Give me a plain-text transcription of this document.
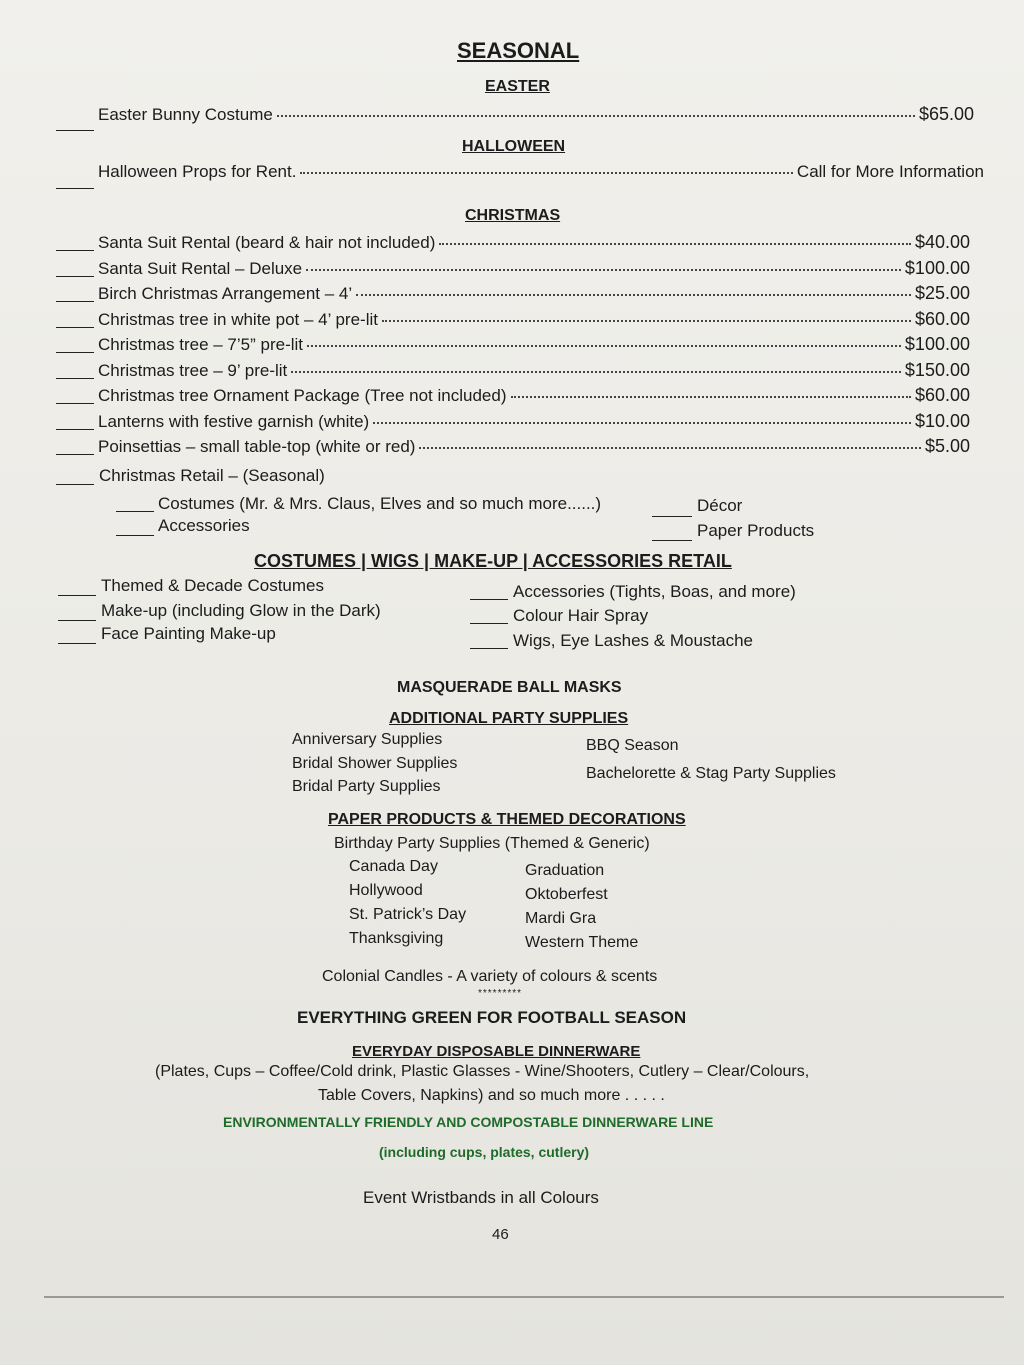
SEASONAL
EASTER
Easter Bunny Costume	$65.00
HALLOWEEN
Halloween Props for Rent.	Call for More Information
CHRISTMAS
Santa Suit Rental (beard & hair not included)	$40.00
Santa Suit Rental – Deluxe	$100.00
Birch Christmas Arrangement – 4’	$25.00
Christmas tree in white pot – 4’ pre-lit	$60.00
Christmas tree – 7’5” pre-lit	$100.00
Christmas tree – 9’ pre-lit	$150.00
Christmas tree Ornament Package (Tree not included)	$60.00
Lanterns with festive garnish (white)	$10.00
Poinsettias – small table-top (white or red)	$5.00
Christmas Retail – (Seasonal)
Costumes (Mr. & Mrs. Claus, Elves and so much more......)
Accessories
Décor
Paper Products
COSTUMES | WIGS | MAKE-UP | ACCESSORIES RETAIL
Themed & Decade Costumes
Make-up (including Glow in the Dark)
Face Painting Make-up
Accessories (Tights, Boas, and more)
Colour Hair Spray
Wigs, Eye Lashes & Moustache
MASQUERADE BALL MASKS
ADDITIONAL PARTY SUPPLIES
Anniversary Supplies
Bridal Shower Supplies
Bridal Party Supplies
BBQ Season
Bachelorette & Stag Party Supplies
PAPER PRODUCTS & THEMED DECORATIONS
Birthday Party Supplies (Themed & Generic)
Canada Day
Hollywood
St. Patrick’s Day
Thanksgiving
Graduation
Oktoberfest
Mardi Gra
Western Theme
Colonial Candles - A variety of colours & scents
*********
EVERYTHING GREEN FOR FOOTBALL SEASON
EVERYDAY DISPOSABLE DINNERWARE
(Plates, Cups – Coffee/Cold drink, Plastic Glasses - Wine/Shooters, Cutlery – Clear/Colours,
Table Covers, Napkins) and so much more . . . . .
ENVIRONMENTALLY FRIENDLY AND COMPOSTABLE DINNERWARE LINE
(including cups, plates, cutlery)
Event Wristbands in all Colours
46
